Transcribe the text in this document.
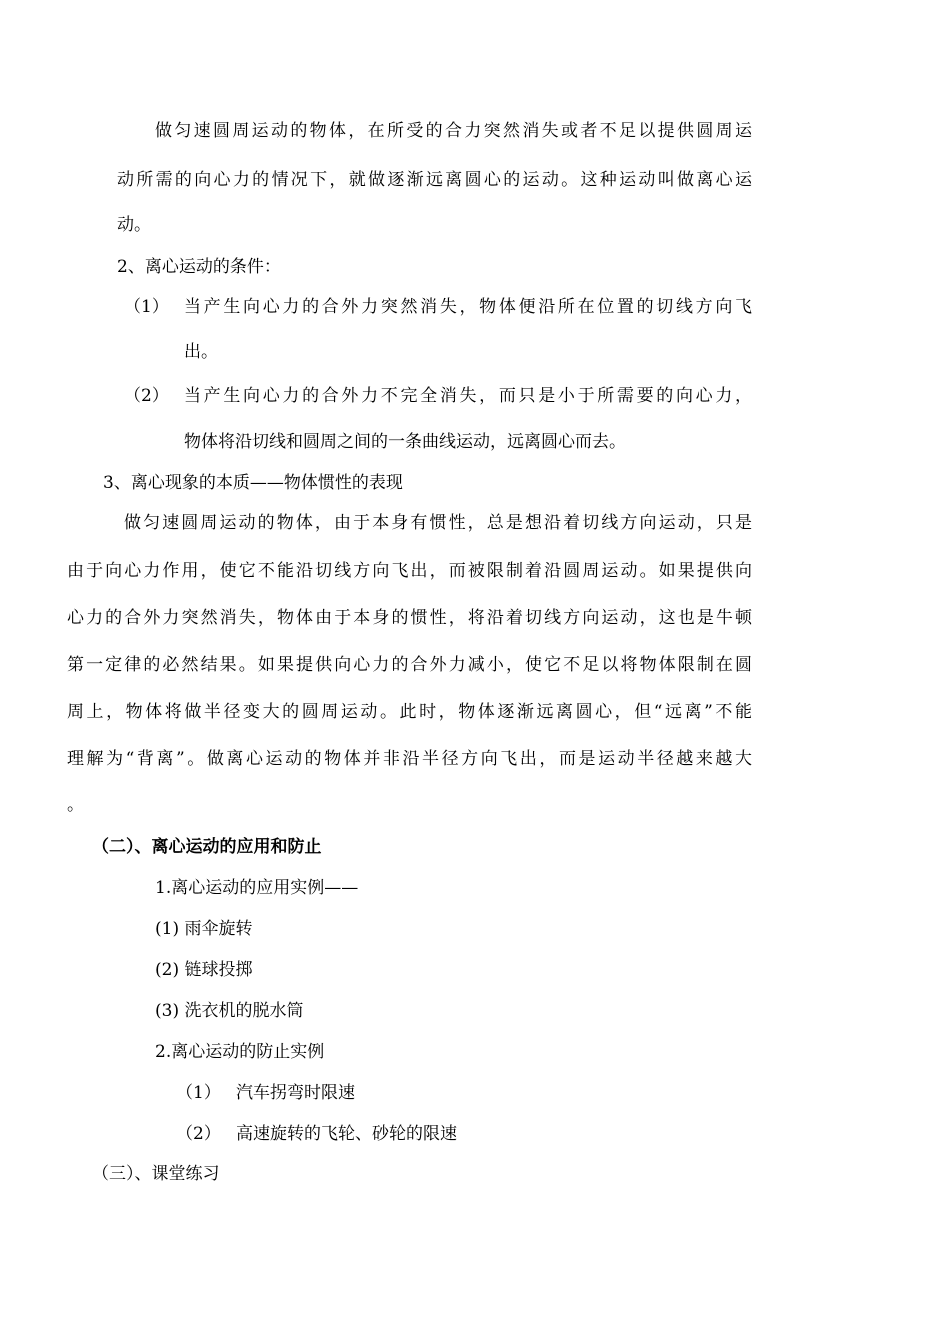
做匀速圆周运动的物体，在所受的合力突然消失或者不足以提供圆周运
动所需的向心力的情况下，就做逐渐远离圆心的运动。这种运动叫做离心运
动。
2、离心运动的条件：
（1） 当产生向心力的合外力突然消失，物体便沿所在位置的切线方向飞
出。
（2） 当产生向心力的合外力不完全消失，而只是小于所需要的向心力，
物体将沿切线和圆周之间的一条曲线运动，远离圆心而去。
3、离心现象的本质——物体惯性的表现
做匀速圆周运动的物体，由于本身有惯性，总是想沿着切线方向运动，只是
由于向心力作用，使它不能沿切线方向飞出，而被限制着沿圆周运动。如果提供向
心力的合外力突然消失，物体由于本身的惯性，将沿着切线方向运动，这也是牛顿
第一定律的必然结果。如果提供向心力的合外力减小，使它不足以将物体限制在圆
周上，物体将做半径变大的圆周运动。此时，物体逐渐远离圆心，但“远离”不能
理解为“背离”。做离心运动的物体并非沿半径方向飞出，而是运动半径越来越大
。
（二）、离心运动的应用和防止
1.离心运动的应用实例——
(1) 雨伞旋转
(2) 链球投掷
(3) 洗衣机的脱水筒
2.离心运动的防止实例
（1） 汽车拐弯时限速
（2） 高速旋转的飞轮、砂轮的限速
（三）、课堂练习
